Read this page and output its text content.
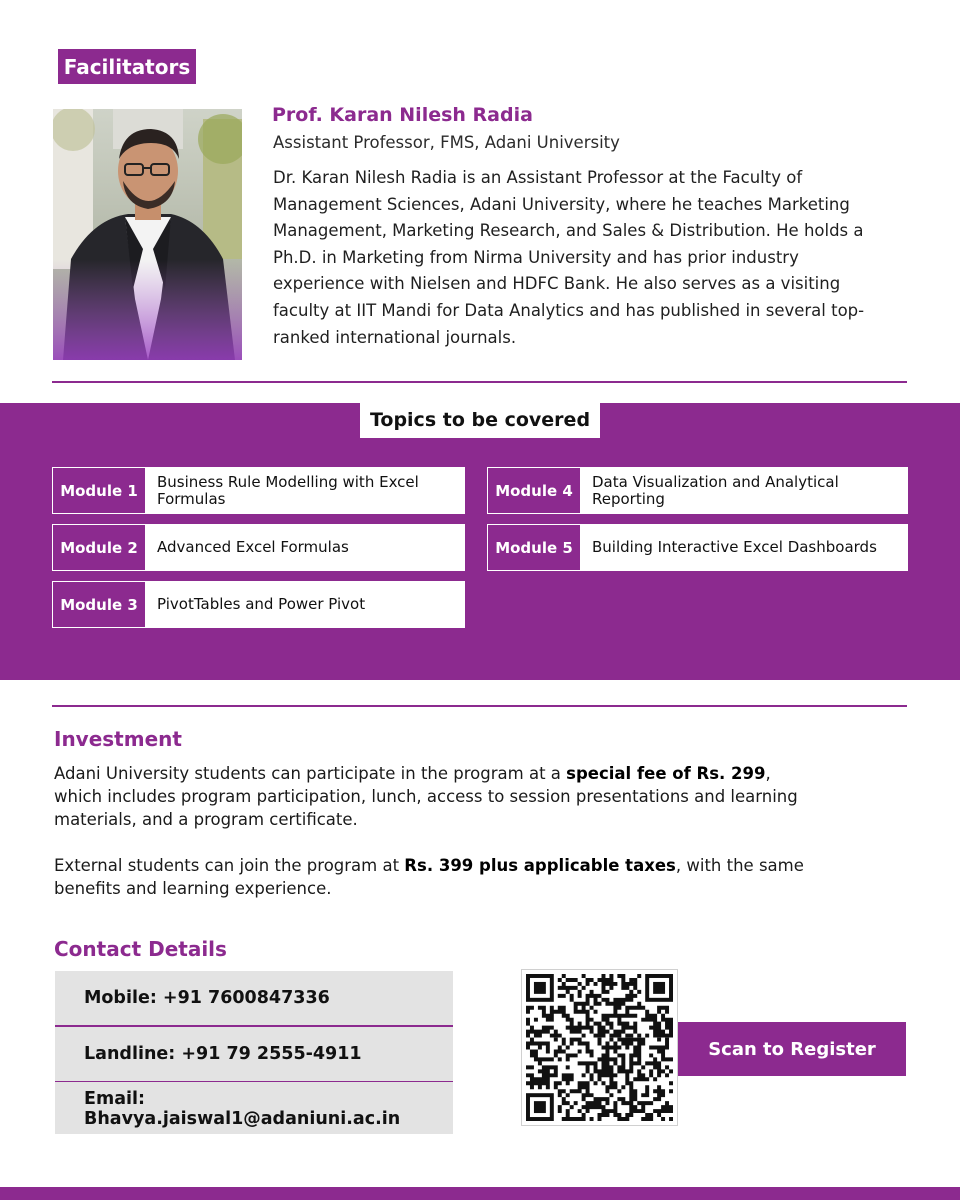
Facilitators
Prof. Karan Nilesh Radia
Assistant Professor, FMS, Adani University
Dr. Karan Nilesh Radia is an Assistant Professor at the Faculty of Management Sciences, Adani University, where he teaches Marketing Management, Marketing Research, and Sales & Distribution. He holds a Ph.D. in Marketing from Nirma University and has prior industry experience with Nielsen and HDFC Bank. He also serves as a visiting faculty at IIT Mandi for Data Analytics and has published in several top-ranked international journals.
Topics to be covered
Module 1	Business Rule Modelling with Excel Formulas
Module 2	Advanced Excel Formulas
Module 3	PivotTables and Power Pivot
Module 4	Data Visualization and Analytical Reporting
Module 5	Building Interactive Excel Dashboards
Investment
Adani University students can participate in the program at a special fee of Rs. 299, which includes program participation, lunch, access to session presentations and learning materials, and a program certificate.
External students can join the program at Rs. 399 plus applicable taxes, with the same benefits and learning experience.
Contact Details
Mobile: +91 7600847336
Landline: +91 79 2555-4911
Email: Bhavya.jaiswal1@adaniuni.ac.in
Scan to Register
